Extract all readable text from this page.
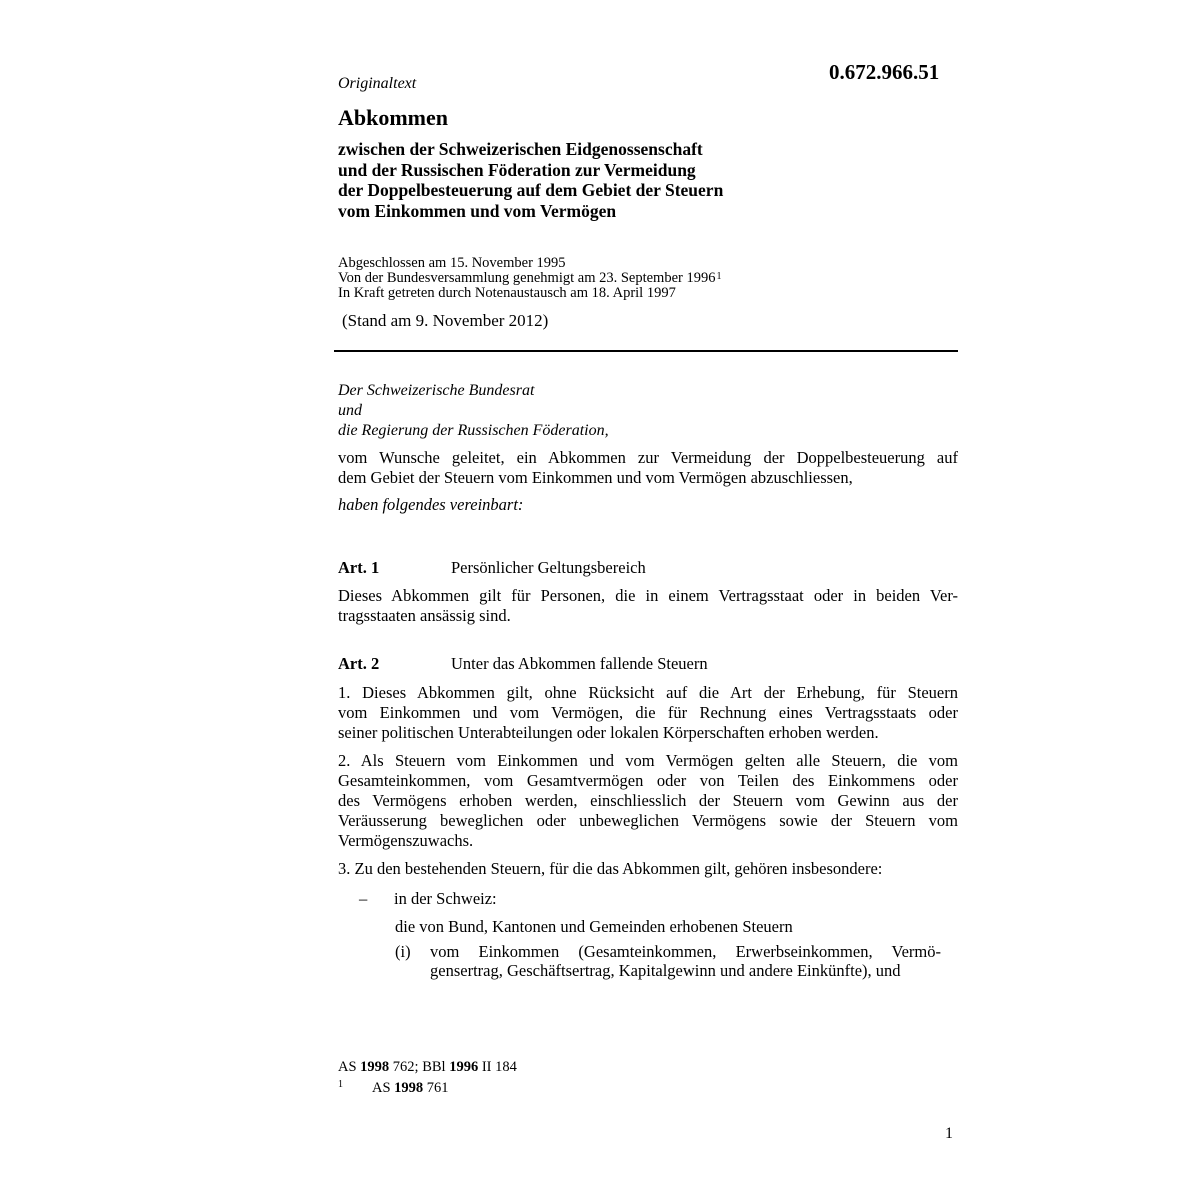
0.672.966.51
Originaltext
Abkommen
zwischen der Schweizerischen Eidgenossenschaft
und der Russischen Föderation zur Vermeidung
der Doppelbesteuerung auf dem Gebiet der Steuern
vom Einkommen und vom Vermögen
Abgeschlossen am 15. November 1995
Von der Bundesversammlung genehmigt am 23. September 1996$^1$
In Kraft getreten durch Notenaustausch am 18. April 1997
(Stand am 9. November 2012)
Der Schweizerische Bundesrat
und
die Regierung der Russischen Föderation,
vom Wunsche geleitet, ein Abkommen zur Vermeidung der Doppelbesteuerung auf
dem Gebiet der Steuern vom Einkommen und vom Vermögen abzuschliessen,
haben folgendes vereinbart:
Art. 1	Persönlicher Geltungsbereich
Dieses Abkommen gilt für Personen, die in einem Vertragsstaat oder in beiden Ver-
tragsstaaten ansässig sind.
Art. 2	Unter das Abkommen fallende Steuern
1. Dieses Abkommen gilt, ohne Rücksicht auf die Art der Erhebung, für Steuern
vom Einkommen und vom Vermögen, die für Rechnung eines Vertragsstaats oder
seiner politischen Unterabteilungen oder lokalen Körperschaften erhoben werden.
2. Als Steuern vom Einkommen und vom Vermögen gelten alle Steuern, die vom
Gesamteinkommen, vom Gesamtvermögen oder von Teilen des Einkommens oder
des Vermögens erhoben werden, einschliesslich der Steuern vom Gewinn aus der
Veräusserung beweglichen oder unbeweglichen Vermögens sowie der Steuern vom
Vermögenszuwachs.
3. Zu den bestehenden Steuern, für die das Abkommen gilt, gehören insbesondere:
– in der Schweiz:
die von Bund, Kantonen und Gemeinden erhobenen Steuern
(i) vom Einkommen (Gesamteinkommen, Erwerbseinkommen, Vermö-
gensertrag, Geschäftsertrag, Kapitalgewinn und andere Einkünfte), und
AS 1998 762; BBl 1996 II 184
1 AS 1998 761
1
